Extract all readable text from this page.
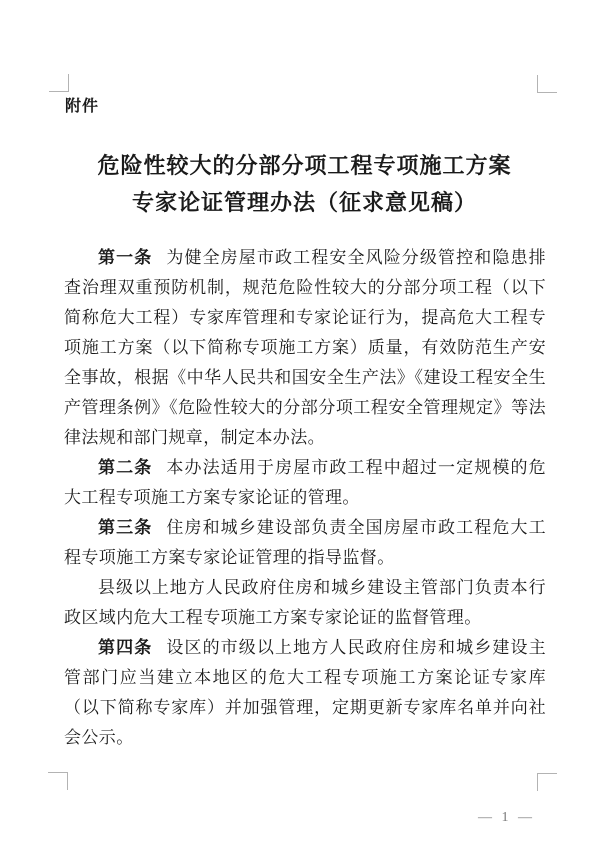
附件
危险性较大的分部分项工程专项施工方案
专家论证管理办法（征求意见稿）

第一条 为健全房屋市政工程安全风险分级管控和隐患排查治理双重预防机制，规范危险性较大的分部分项工程（以下简称危大工程）专家库管理和专家论证行为，提高危大工程专项施工方案（以下简称专项施工方案）质量，有效防范生产安全事故，根据《中华人民共和国安全生产法》《建设工程安全生产管理条例》《危险性较大的分部分项工程安全管理规定》等法律法规和部门规章，制定本办法。

第二条 本办法适用于房屋市政工程中超过一定规模的危大工程专项施工方案专家论证的管理。

第三条 住房和城乡建设部负责全国房屋市政工程危大工程专项施工方案专家论证管理的指导监督。

县级以上地方人民政府住房和城乡建设主管部门负责本行政区域内危大工程专项施工方案专家论证的监督管理。

第四条 设区的市级以上地方人民政府住房和城乡建设主管部门应当建立本地区的危大工程专项施工方案论证专家库（以下简称专家库）并加强管理，定期更新专家库名单并向社会公示。

— 1 —
